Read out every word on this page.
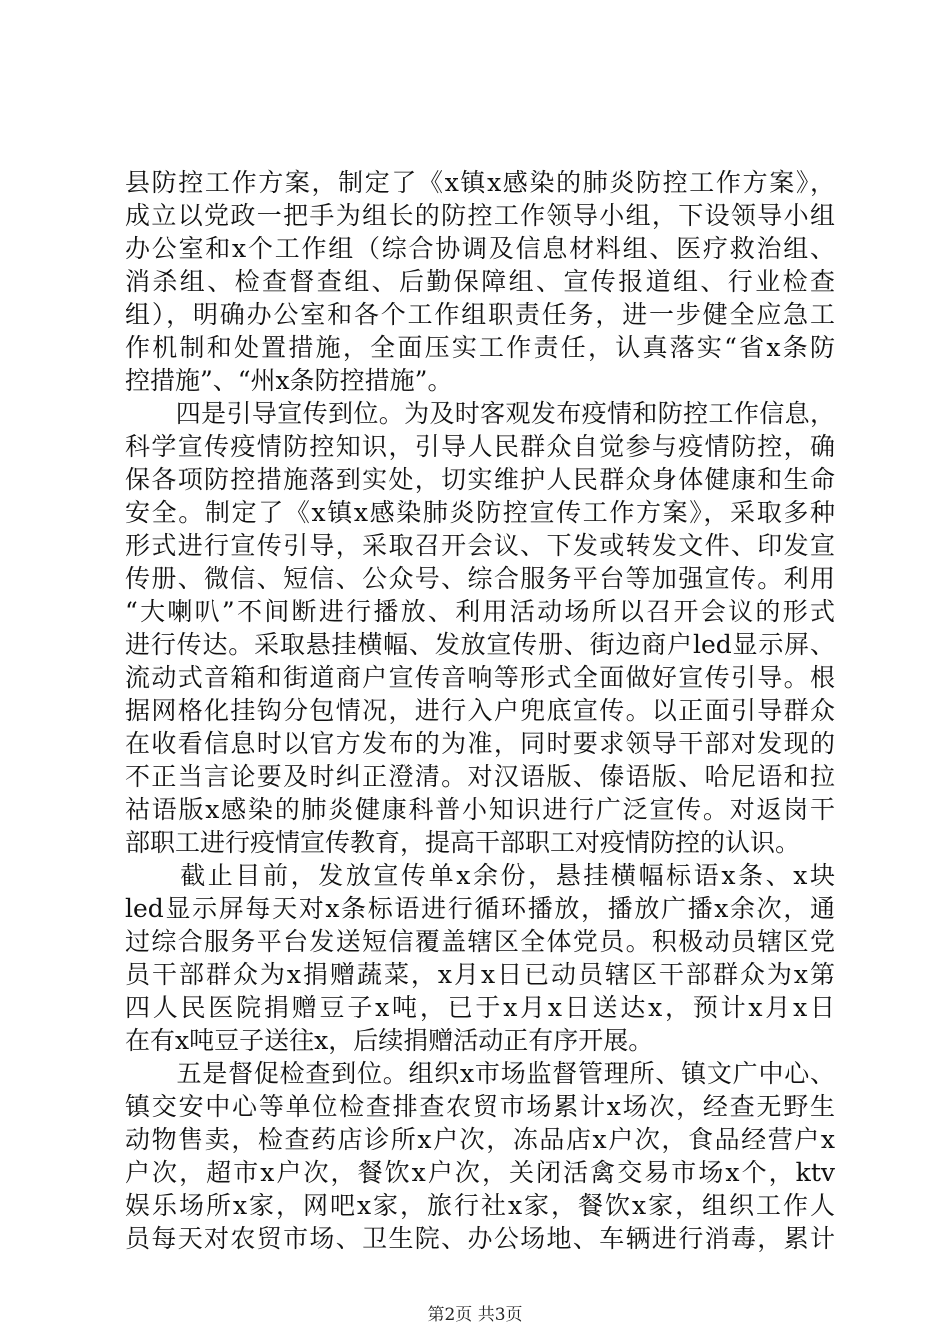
县防控工作方案，制定了《x镇x感染的肺炎防控工作方案》，
成立以党政一把手为组长的防控工作领导小组，下设领导小组
办公室和x个工作组（综合协调及信息材料组、医疗救治组、
消杀组、检查督查组、后勤保障组、宣传报道组、行业检查
组），明确办公室和各个工作组职责任务，进一步健全应急工
作机制和处置措施，全面压实工作责任，认真落实“省x条防
控措施”、“州x条防控措施”。
　　四是引导宣传到位。为及时客观发布疫情和防控工作信息，
科学宣传疫情防控知识，引导人民群众自觉参与疫情防控，确
保各项防控措施落到实处，切实维护人民群众身体健康和生命
安全。制定了《x镇x感染肺炎防控宣传工作方案》，采取多种
形式进行宣传引导，采取召开会议、下发或转发文件、印发宣
传册、微信、短信、公众号、综合服务平台等加强宣传。利用
“大喇叭”不间断进行播放、利用活动场所以召开会议的形式
进行传达。采取悬挂横幅、发放宣传册、街边商户led显示屏、
流动式音箱和街道商户宣传音响等形式全面做好宣传引导。根
据网格化挂钩分包情况，进行入户兜底宣传。以正面引导群众
在收看信息时以官方发布的为准，同时要求领导干部对发现的
不正当言论要及时纠正澄清。对汉语版、傣语版、哈尼语和拉
祜语版x感染的肺炎健康科普小知识进行广泛宣传。对返岗干
部职工进行疫情宣传教育，提高干部职工对疫情防控的认识。
　　截止目前，发放宣传单x余份，悬挂横幅标语x条、x块
led显示屏每天对x条标语进行循环播放，播放广播x余次，通
过综合服务平台发送短信覆盖辖区全体党员。积极动员辖区党
员干部群众为x捐赠蔬菜，x月x日已动员辖区干部群众为x第
四人民医院捐赠豆子x吨，已于x月x日送达x，预计x月x日
在有x吨豆子送往x，后续捐赠活动正有序开展。
　　五是督促检查到位。组织x市场监督管理所、镇文广中心、
镇交安中心等单位检查排查农贸市场累计x场次，经查无野生
动物售卖，检查药店诊所x户次，冻品店x户次，食品经营户x
户次，超市x户次，餐饮x户次，关闭活禽交易市场x个，ktv
娱乐场所x家，网吧x家，旅行社x家，餐饮x家，组织工作人
员每天对农贸市场、卫生院、办公场地、车辆进行消毒，累计
第2页 共3页
